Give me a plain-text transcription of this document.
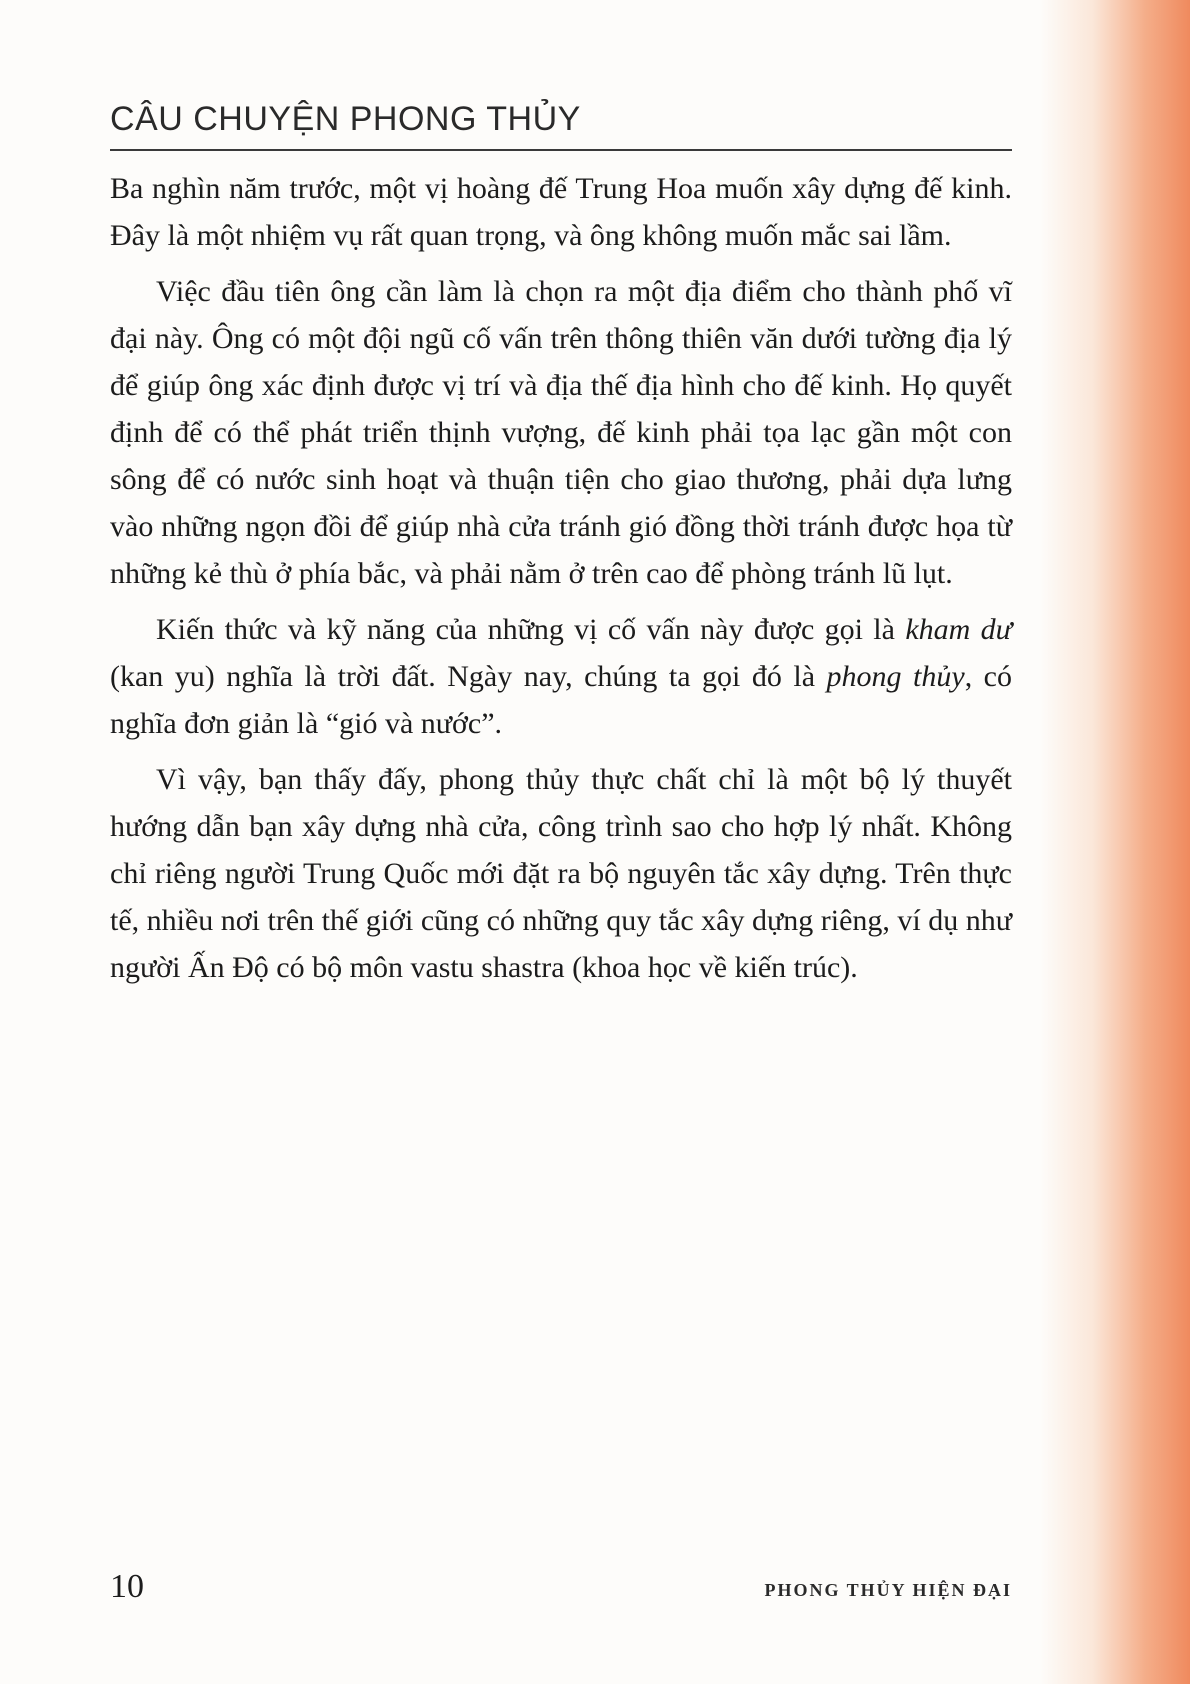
CÂU CHUYỆN PHONG THỦY

Ba nghìn năm trước, một vị hoàng đế Trung Hoa muốn xây dựng đế kinh. Đây là một nhiệm vụ rất quan trọng, và ông không muốn mắc sai lầm.

Việc đầu tiên ông cần làm là chọn ra một địa điểm cho thành phố vĩ đại này. Ông có một đội ngũ cố vấn trên thông thiên văn dưới tường địa lý để giúp ông xác định được vị trí và địa thế địa hình cho đế kinh. Họ quyết định để có thể phát triển thịnh vượng, đế kinh phải tọa lạc gần một con sông để có nước sinh hoạt và thuận tiện cho giao thương, phải dựa lưng vào những ngọn đồi để giúp nhà cửa tránh gió đồng thời tránh được họa từ những kẻ thù ở phía bắc, và phải nằm ở trên cao để phòng tránh lũ lụt.

Kiến thức và kỹ năng của những vị cố vấn này được gọi là kham dư (kan yu) nghĩa là trời đất. Ngày nay, chúng ta gọi đó là phong thủy, có nghĩa đơn giản là “gió và nước”.

Vì vậy, bạn thấy đấy, phong thủy thực chất chỉ là một bộ lý thuyết hướng dẫn bạn xây dựng nhà cửa, công trình sao cho hợp lý nhất. Không chỉ riêng người Trung Quốc mới đặt ra bộ nguyên tắc xây dựng. Trên thực tế, nhiều nơi trên thế giới cũng có những quy tắc xây dựng riêng, ví dụ như người Ấn Độ có bộ môn vastu shastra (khoa học về kiến trúc).

10	PHONG THỦY HIỆN ĐẠI
